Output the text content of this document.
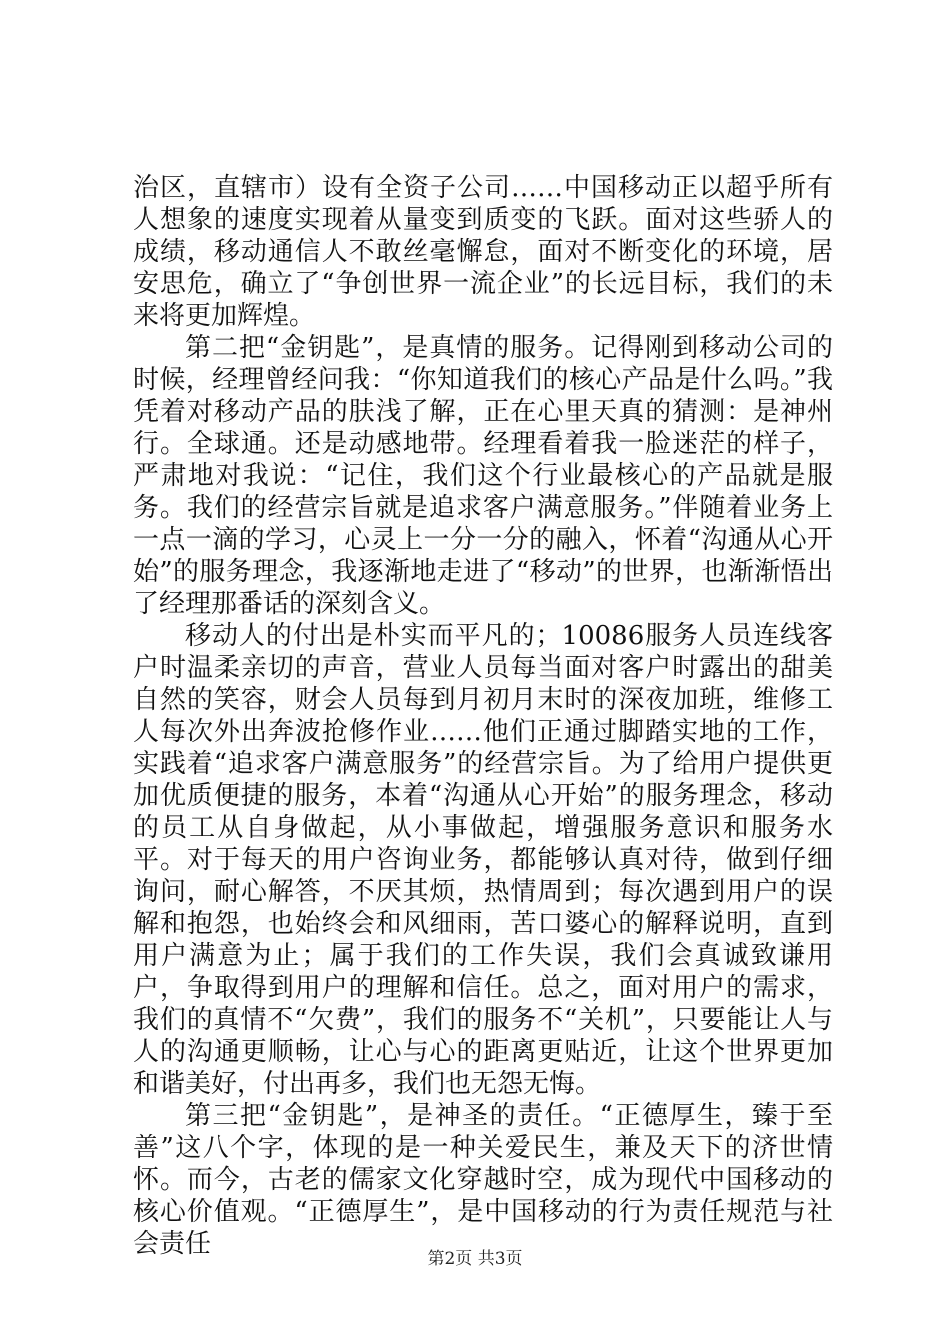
治区，直辖市）设有全资子公司……中国移动正以超乎所有人想象的速度实现着从量变到质变的飞跃。面对这些骄人的成绩，移动通信人不敢丝毫懈怠，面对不断变化的环境，居安思危，确立了“争创世界一流企业”的长远目标，我们的未来将更加辉煌。

第二把“金钥匙”，是真情的服务。记得刚到移动公司的时候，经理曾经问我：“你知道我们的核心产品是什么吗。”我凭着对移动产品的肤浅了解，正在心里天真的猜测：是神州行。全球通。还是动感地带。经理看着我一脸迷茫的样子，严肃地对我说：“记住，我们这个行业最核心的产品就是服务。我们的经营宗旨就是追求客户满意服务。”伴随着业务上一点一滴的学习，心灵上一分一分的融入，怀着“沟通从心开始”的服务理念，我逐渐地走进了“移动”的世界，也渐渐悟出了经理那番话的深刻含义。

移动人的付出是朴实而平凡的；10086服务人员连线客户时温柔亲切的声音，营业人员每当面对客户时露出的甜美自然的笑容，财会人员每到月初月末时的深夜加班，维修工人每次外出奔波抢修作业……他们正通过脚踏实地的工作，实践着“追求客户满意服务”的经营宗旨。为了给用户提供更加优质便捷的服务，本着“沟通从心开始”的服务理念，移动的员工从自身做起，从小事做起，增强服务意识和服务水平。对于每天的用户咨询业务，都能够认真对待，做到仔细询问，耐心解答，不厌其烦，热情周到；每次遇到用户的误解和抱怨，也始终会和风细雨，苦口婆心的解释说明，直到用户满意为止；属于我们的工作失误，我们会真诚致谦用户，争取得到用户的理解和信任。总之，面对用户的需求，我们的真情不“欠费”，我们的服务不“关机”，只要能让人与人的沟通更顺畅，让心与心的距离更贴近，让这个世界更加和谐美好，付出再多，我们也无怨无悔。

第三把“金钥匙”，是神圣的责任。“正德厚生，臻于至善”这八个字，体现的是一种关爱民生，兼及天下的济世情怀。而今，古老的儒家文化穿越时空，成为现代中国移动的核心价值观。“正德厚生”，是中国移动的行为责任规范与社会责任	第2页 共3页
